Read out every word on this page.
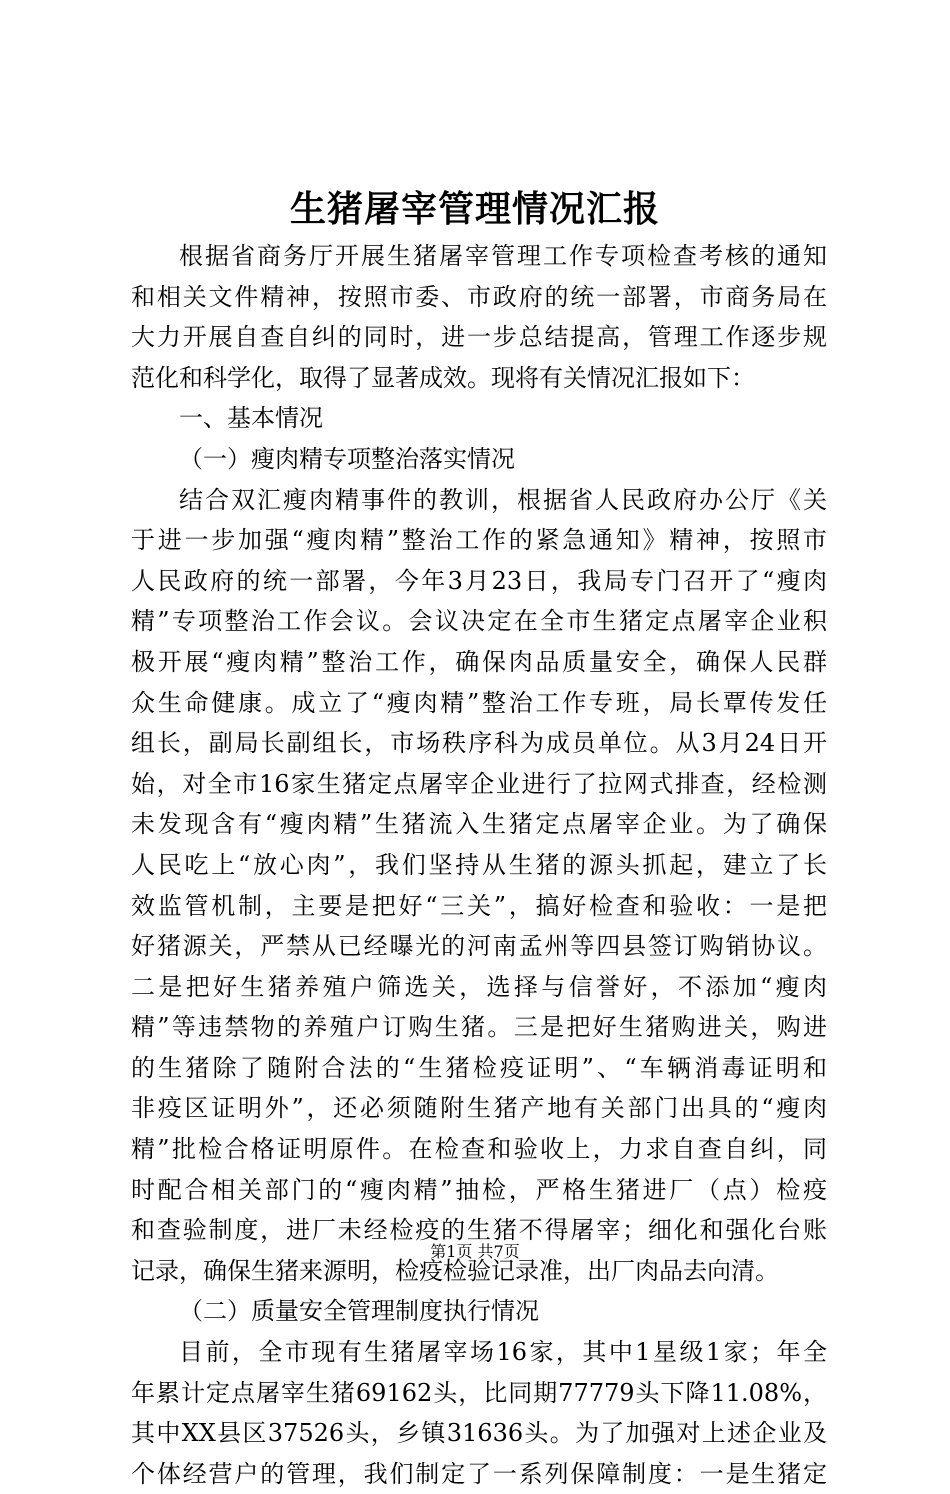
生猪屠宰管理情况汇报
根据省商务厅开展生猪屠宰管理工作专项检查考核的通知
和相关文件精神，按照市委、市政府的统一部署，市商务局在
大力开展自查自纠的同时，进一步总结提高，管理工作逐步规
范化和科学化，取得了显著成效。现将有关情况汇报如下：
一、基本情况
（一）瘦肉精专项整治落实情况
结合双汇瘦肉精事件的教训，根据省人民政府办公厅《关
于进一步加强“瘦肉精”整治工作的紧急通知》精神，按照市
人民政府的统一部署，今年3月23日，我局专门召开了“瘦肉
精”专项整治工作会议。会议决定在全市生猪定点屠宰企业积
极开展“瘦肉精”整治工作，确保肉品质量安全，确保人民群
众生命健康。成立了“瘦肉精”整治工作专班，局长覃传发任
组长，副局长副组长，市场秩序科为成员单位。从3月24日开
始，对全市16家生猪定点屠宰企业进行了拉网式排查，经检测
未发现含有“瘦肉精”生猪流入生猪定点屠宰企业。为了确保
人民吃上“放心肉”，我们坚持从生猪的源头抓起，建立了长
效监管机制，主要是把好“三关”，搞好检查和验收：一是把
好猪源关，严禁从已经曝光的河南孟州等四县签订购销协议。
二是把好生猪养殖户筛选关，选择与信誉好，不添加“瘦肉
精”等违禁物的养殖户订购生猪。三是把好生猪购进关，购进
的生猪除了随附合法的“生猪检疫证明”、“车辆消毒证明和
非疫区证明外”，还必须随附生猪产地有关部门出具的“瘦肉
精”批检合格证明原件。在检查和验收上，力求自查自纠，同
时配合相关部门的“瘦肉精”抽检，严格生猪进厂（点）检疫
和查验制度，进厂未经检疫的生猪不得屠宰；细化和强化台账
记录，确保生猪来源明，检疫检验记录准，出厂肉品去向清。
（二）质量安全管理制度执行情况
目前，全市现有生猪屠宰场16家，其中1星级1家；年全
年累计定点屠宰生猪69162头，比同期77779头下降11.08%，
其中XX县区37526头，乡镇31636头。为了加强对上述企业及
个体经营户的管理，我们制定了一系列保障制度：一是生猪定
第1页 共7页
